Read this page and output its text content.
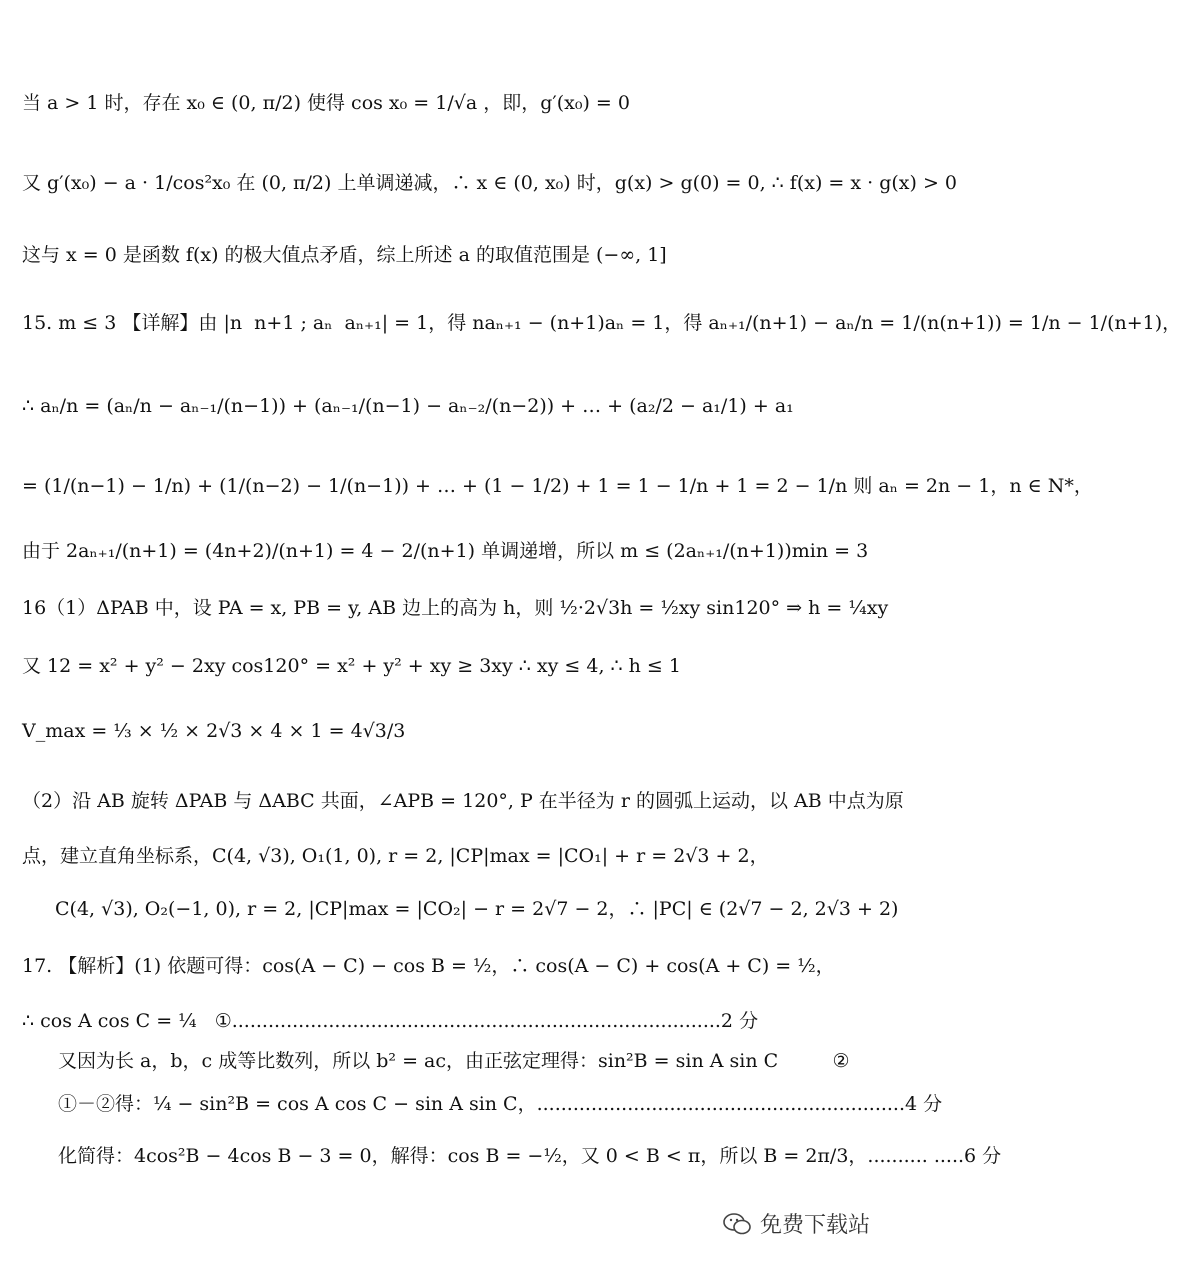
当 a > 1 时，存在 x₀ ∈ (0, π/2) 使得 cos x₀ = 1/√a ，即，g′(x₀) = 0
又 g′(x₀) − a · 1/cos²x₀ 在 (0, π/2) 上单调递减，∴ x ∈ (0, x₀) 时，g(x) > g(0) = 0, ∴ f(x) = x · g(x) > 0
这与 x = 0 是函数 f(x) 的极大值点矛盾，综上所述 a 的取值范围是 (−∞, 1]
15. m ≤ 3 【详解】由 |n  n+1 ; aₙ  aₙ₊₁| = 1，得 naₙ₊₁ − (n+1)aₙ = 1，得 aₙ₊₁/(n+1) − aₙ/n = 1/(n(n+1)) = 1/n − 1/(n+1)，
∴ aₙ/n = (aₙ/n − aₙ₋₁/(n−1)) + (aₙ₋₁/(n−1) − aₙ₋₂/(n−2)) + … + (a₂/2 − a₁/1) + a₁
= (1/(n−1) − 1/n) + (1/(n−2) − 1/(n−1)) + … + (1 − 1/2) + 1 = 1 − 1/n + 1 = 2 − 1/n 则 aₙ = 2n − 1，n ∈ N*，
由于 2aₙ₊₁/(n+1) = (4n+2)/(n+1) = 4 − 2/(n+1) 单调递增，所以 m ≤ (2aₙ₊₁/(n+1))min = 3
16（1）ΔPAB 中，设 PA = x, PB = y, AB 边上的高为 h，则 ½·2√3h = ½xy sin120° ⇒ h = ¼xy
又 12 = x² + y² − 2xy cos120° = x² + y² + xy ≥ 3xy ∴ xy ≤ 4, ∴ h ≤ 1
V_max = ⅓ × ½ × 2√3 × 4 × 1 = 4√3/3
（2）沿 AB 旋转 ΔPAB 与 ΔABC 共面，∠APB = 120°, P 在半径为 r 的圆弧上运动，以 AB 中点为原
点，建立直角坐标系，C(4, √3), O₁(1, 0), r = 2, |CP|max = |CO₁| + r = 2√3 + 2，
C(4, √3), O₂(−1, 0), r = 2, |CP|max = |CO₂| − r = 2√7 − 2，∴ |PC| ∈ (2√7 − 2, 2√3 + 2)
17. 【解析】(1) 依题可得：cos(A − C) − cos B = ½，∴ cos(A − C) + cos(A + C) = ½，
∴ cos A cos C = ¼   ①.................................................................................2 分
又因为长 a，b，c 成等比数列，所以 b² = ac，由正弦定理得：sin²B = sin A sin C         ②
①－②得：¼ − sin²B = cos A cos C − sin A sin C，.............................................................4 分
化简得：4cos²B − 4cos B − 3 = 0，解得：cos B = −½，又 0 < B < π，所以 B = 2π/3，.......... .....6 分
免费下载站
